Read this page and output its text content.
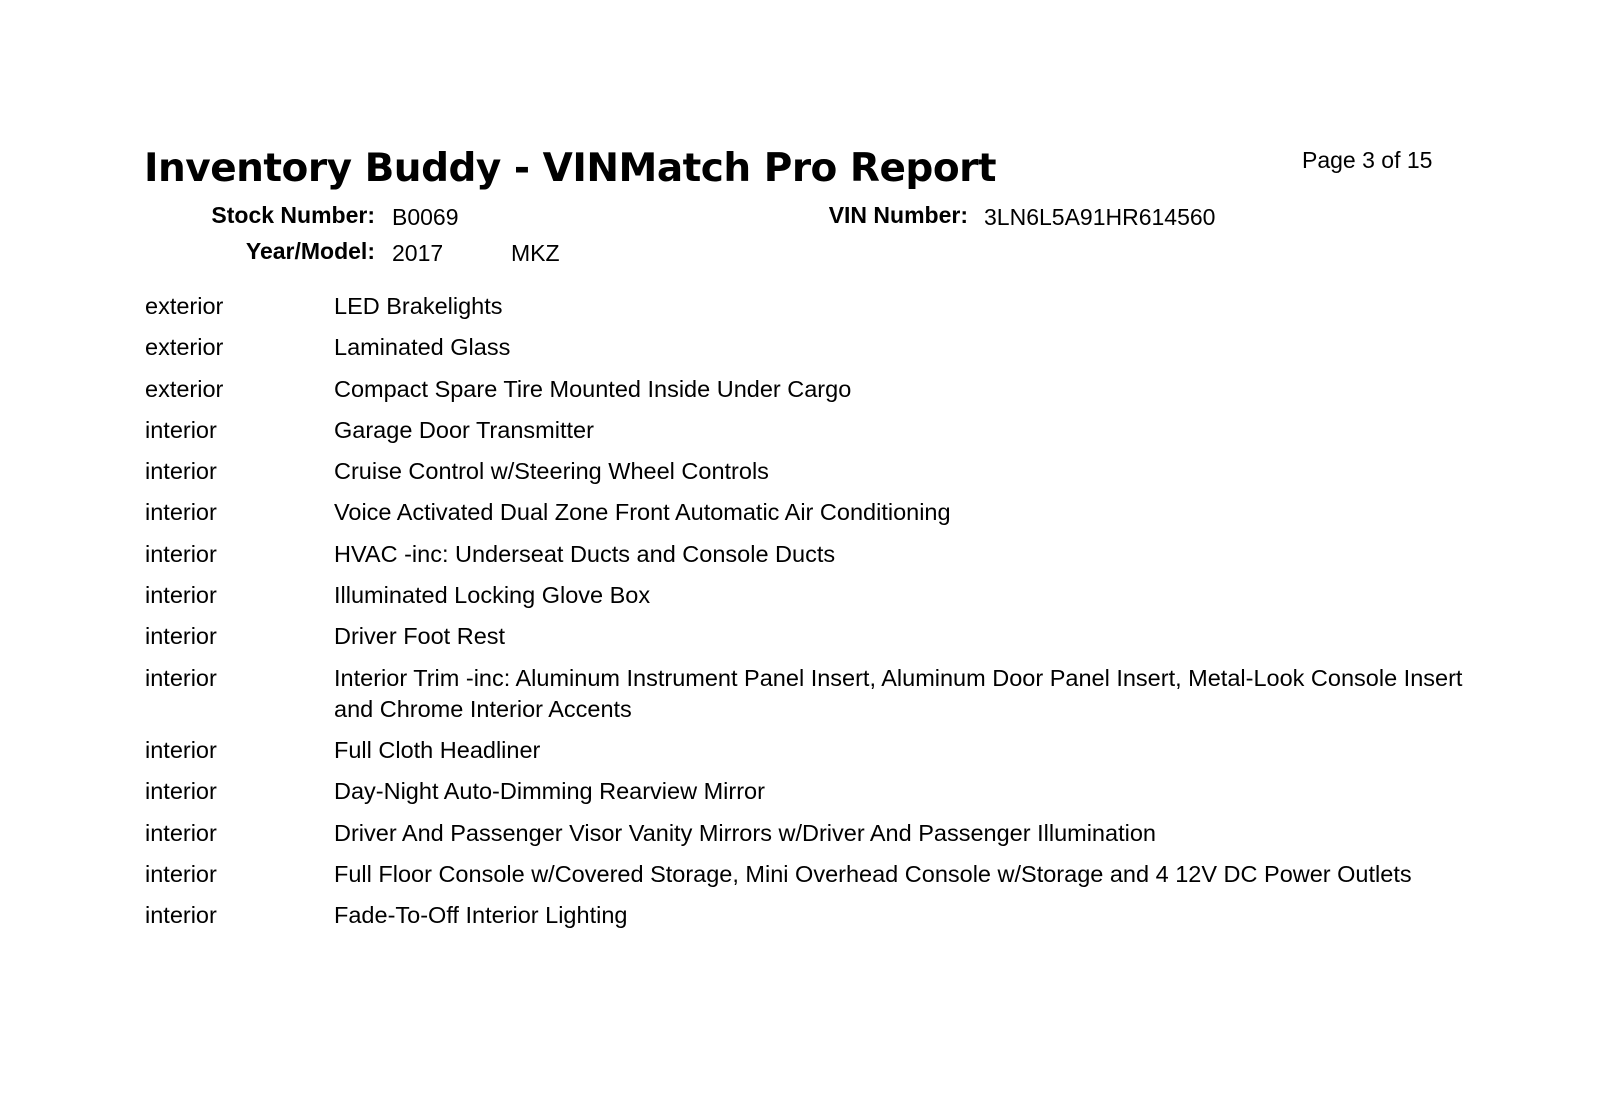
Inventory Buddy - VINMatch Pro Report	Page 3 of 15
Stock Number: B0069	VIN Number: 3LN6L5A91HR614560
Year/Model: 2017	MKZ
exterior	LED Brakelights
exterior	Laminated Glass
exterior	Compact Spare Tire Mounted Inside Under Cargo
interior	Garage Door Transmitter
interior	Cruise Control w/Steering Wheel Controls
interior	Voice Activated Dual Zone Front Automatic Air Conditioning
interior	HVAC -inc: Underseat Ducts and Console Ducts
interior	Illuminated Locking Glove Box
interior	Driver Foot Rest
interior	Interior Trim -inc: Aluminum Instrument Panel Insert, Aluminum Door Panel Insert, Metal-Look Console Insert and Chrome Interior Accents
interior	Full Cloth Headliner
interior	Day-Night Auto-Dimming Rearview Mirror
interior	Driver And Passenger Visor Vanity Mirrors w/Driver And Passenger Illumination
interior	Full Floor Console w/Covered Storage, Mini Overhead Console w/Storage and 4 12V DC Power Outlets
interior	Fade-To-Off Interior Lighting
